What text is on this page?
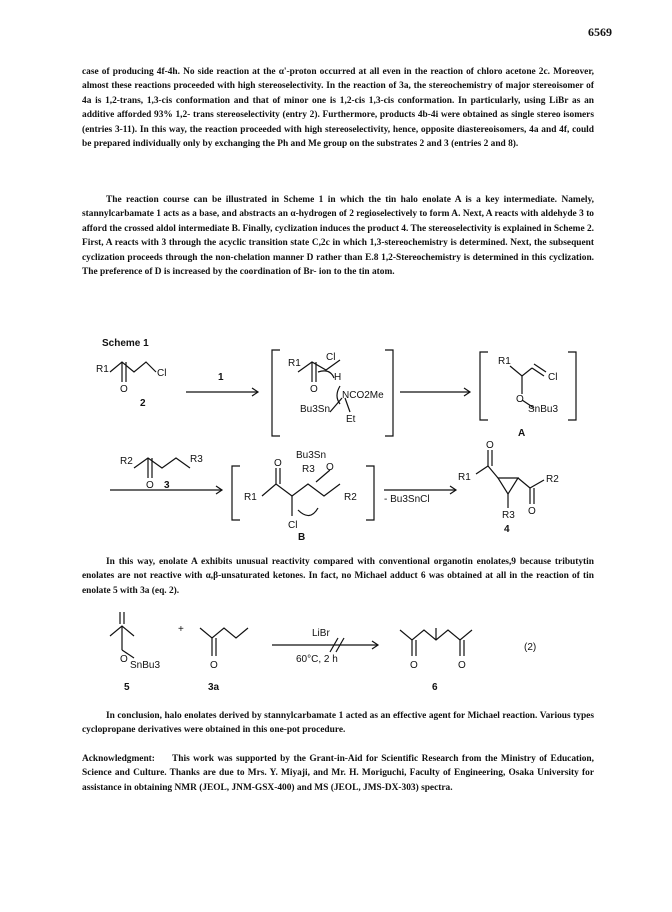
6569

case of producing 4f-4h. No side reaction at the α'-proton occurred at all even in the reaction of chloro acetone 2c. Moreover, almost these reactions proceeded with high stereoselectivity. In the reaction of 3a, the stereochemistry of major stereoisomer of 4a is 1,2-trans, 1,3-cis conformation and that of minor one is 1,2-cis 1,3-cis conformation. In particularly, using LiBr as an additive afforded 93% 1,2- trans stereoselectivity (entry 2). Furthermore, products 4b-4i were obtained as single stereo isomers (entries 3-11). In this way, the reaction proceeded with high stereoselectivity, hence, opposite diastereoisomers, 4a and 4f, could be prepared individually only by exchanging the Ph and Me group on the substrates 2 and 3 (entries 2 and 8).

The reaction course can be illustrated in Scheme 1 in which the tin halo enolate A is a key intermediate. Namely, stannylcarbamate 1 acts as a base, and abstracts an α-hydrogen of 2 regioselectively to form A. Next, A reacts with aldehyde 3 to afford the crossed aldol intermediate B. Finally, cyclization induces the product 4. The stereoselectivity is explained in Scheme 2. First, A reacts with 3 through the acyclic transition state C,2c in which 1,3-stereochemistry is determined. Next, the subsequent cyclization proceeds through the non-chelation manner D rather than E.8 1,2-Stereochemistry is determined in this cyclization. The preference of D is increased by the coordination of Br- ion to the tin atom.

Scheme 1
R1	Cl
O
2
1
R1
Cl
H
O
NCO2Me
Bu3Sn
Et
R1
Cl
O
SnBu3
A
R2	R3
O 3
Bu3Sn
O
R3 O
R1	R2
Cl
B
- Bu3SnCl
O
R1	R2
R3 O
4
O
SnBu3
+
O
LiBr
60°C, 2 h
O	O
(2)
5	3a	6

In this way, enolate A exhibits unusual reactivity compared with conventional organotin enolates,9 because tributytin enolates are not reactive with α,β-unsaturated ketones. In fact, no Michael adduct 6 was obtained at all in the reaction of tin enolate 5 with 3a (eq. 2).

In conclusion, halo enolates derived by stannylcarbamate 1 acted as an effective agent for Michael reaction. Various types cyclopropane derivatives were obtained in this one-pot procedure.

Acknowledgment: This work was supported by the Grant-in-Aid for Scientific Research from the Ministry of Education, Science and Culture. Thanks are due to Mrs. Y. Miyaji, and Mr. H. Moriguchi, Faculty of Engineering, Osaka University for assistance in obtaining NMR (JEOL, JNM-GSX-400) and MS (JEOL, JMS-DX-303) spectra.
